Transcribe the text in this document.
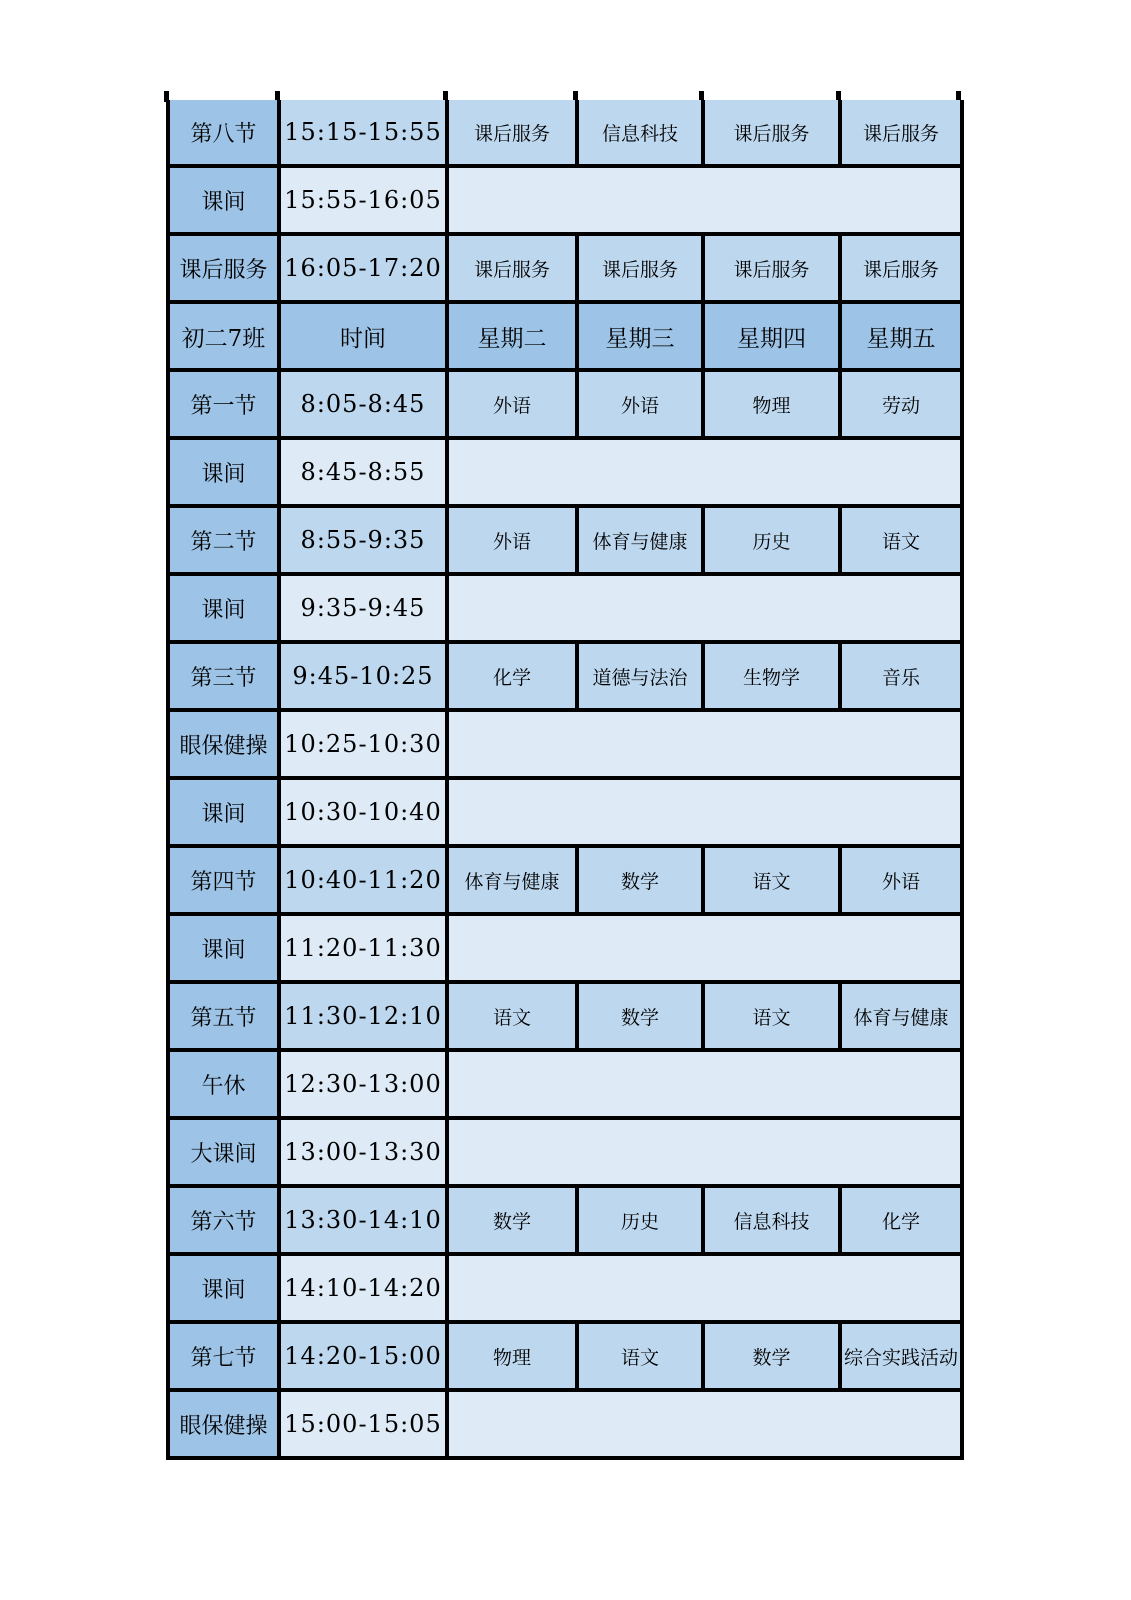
第八节	15:15-15:55	课后服务	信息科技	课后服务	课后服务
课间	15:55-16:05				
课后服务	16:05-17:20	课后服务	课后服务	课后服务	课后服务
初二7班	时间	星期二	星期三	星期四	星期五
第一节	8:05-8:45	外语	外语	物理	劳动
课间	8:45-8:55				
第二节	8:55-9:35	外语	体育与健康	历史	语文
课间	9:35-9:45				
第三节	9:45-10:25	化学	道德与法治	生物学	音乐
眼保健操	10:25-10:30				
课间	10:30-10:40				
第四节	10:40-11:20	体育与健康	数学	语文	外语
课间	11:20-11:30				
第五节	11:30-12:10	语文	数学	语文	体育与健康
午休	12:30-13:00				
大课间	13:00-13:30				
第六节	13:30-14:10	数学	历史	信息科技	化学
课间	14:10-14:20				
第七节	14:20-15:00	物理	语文	数学	综合实践活动
眼保健操	15:00-15:05				
